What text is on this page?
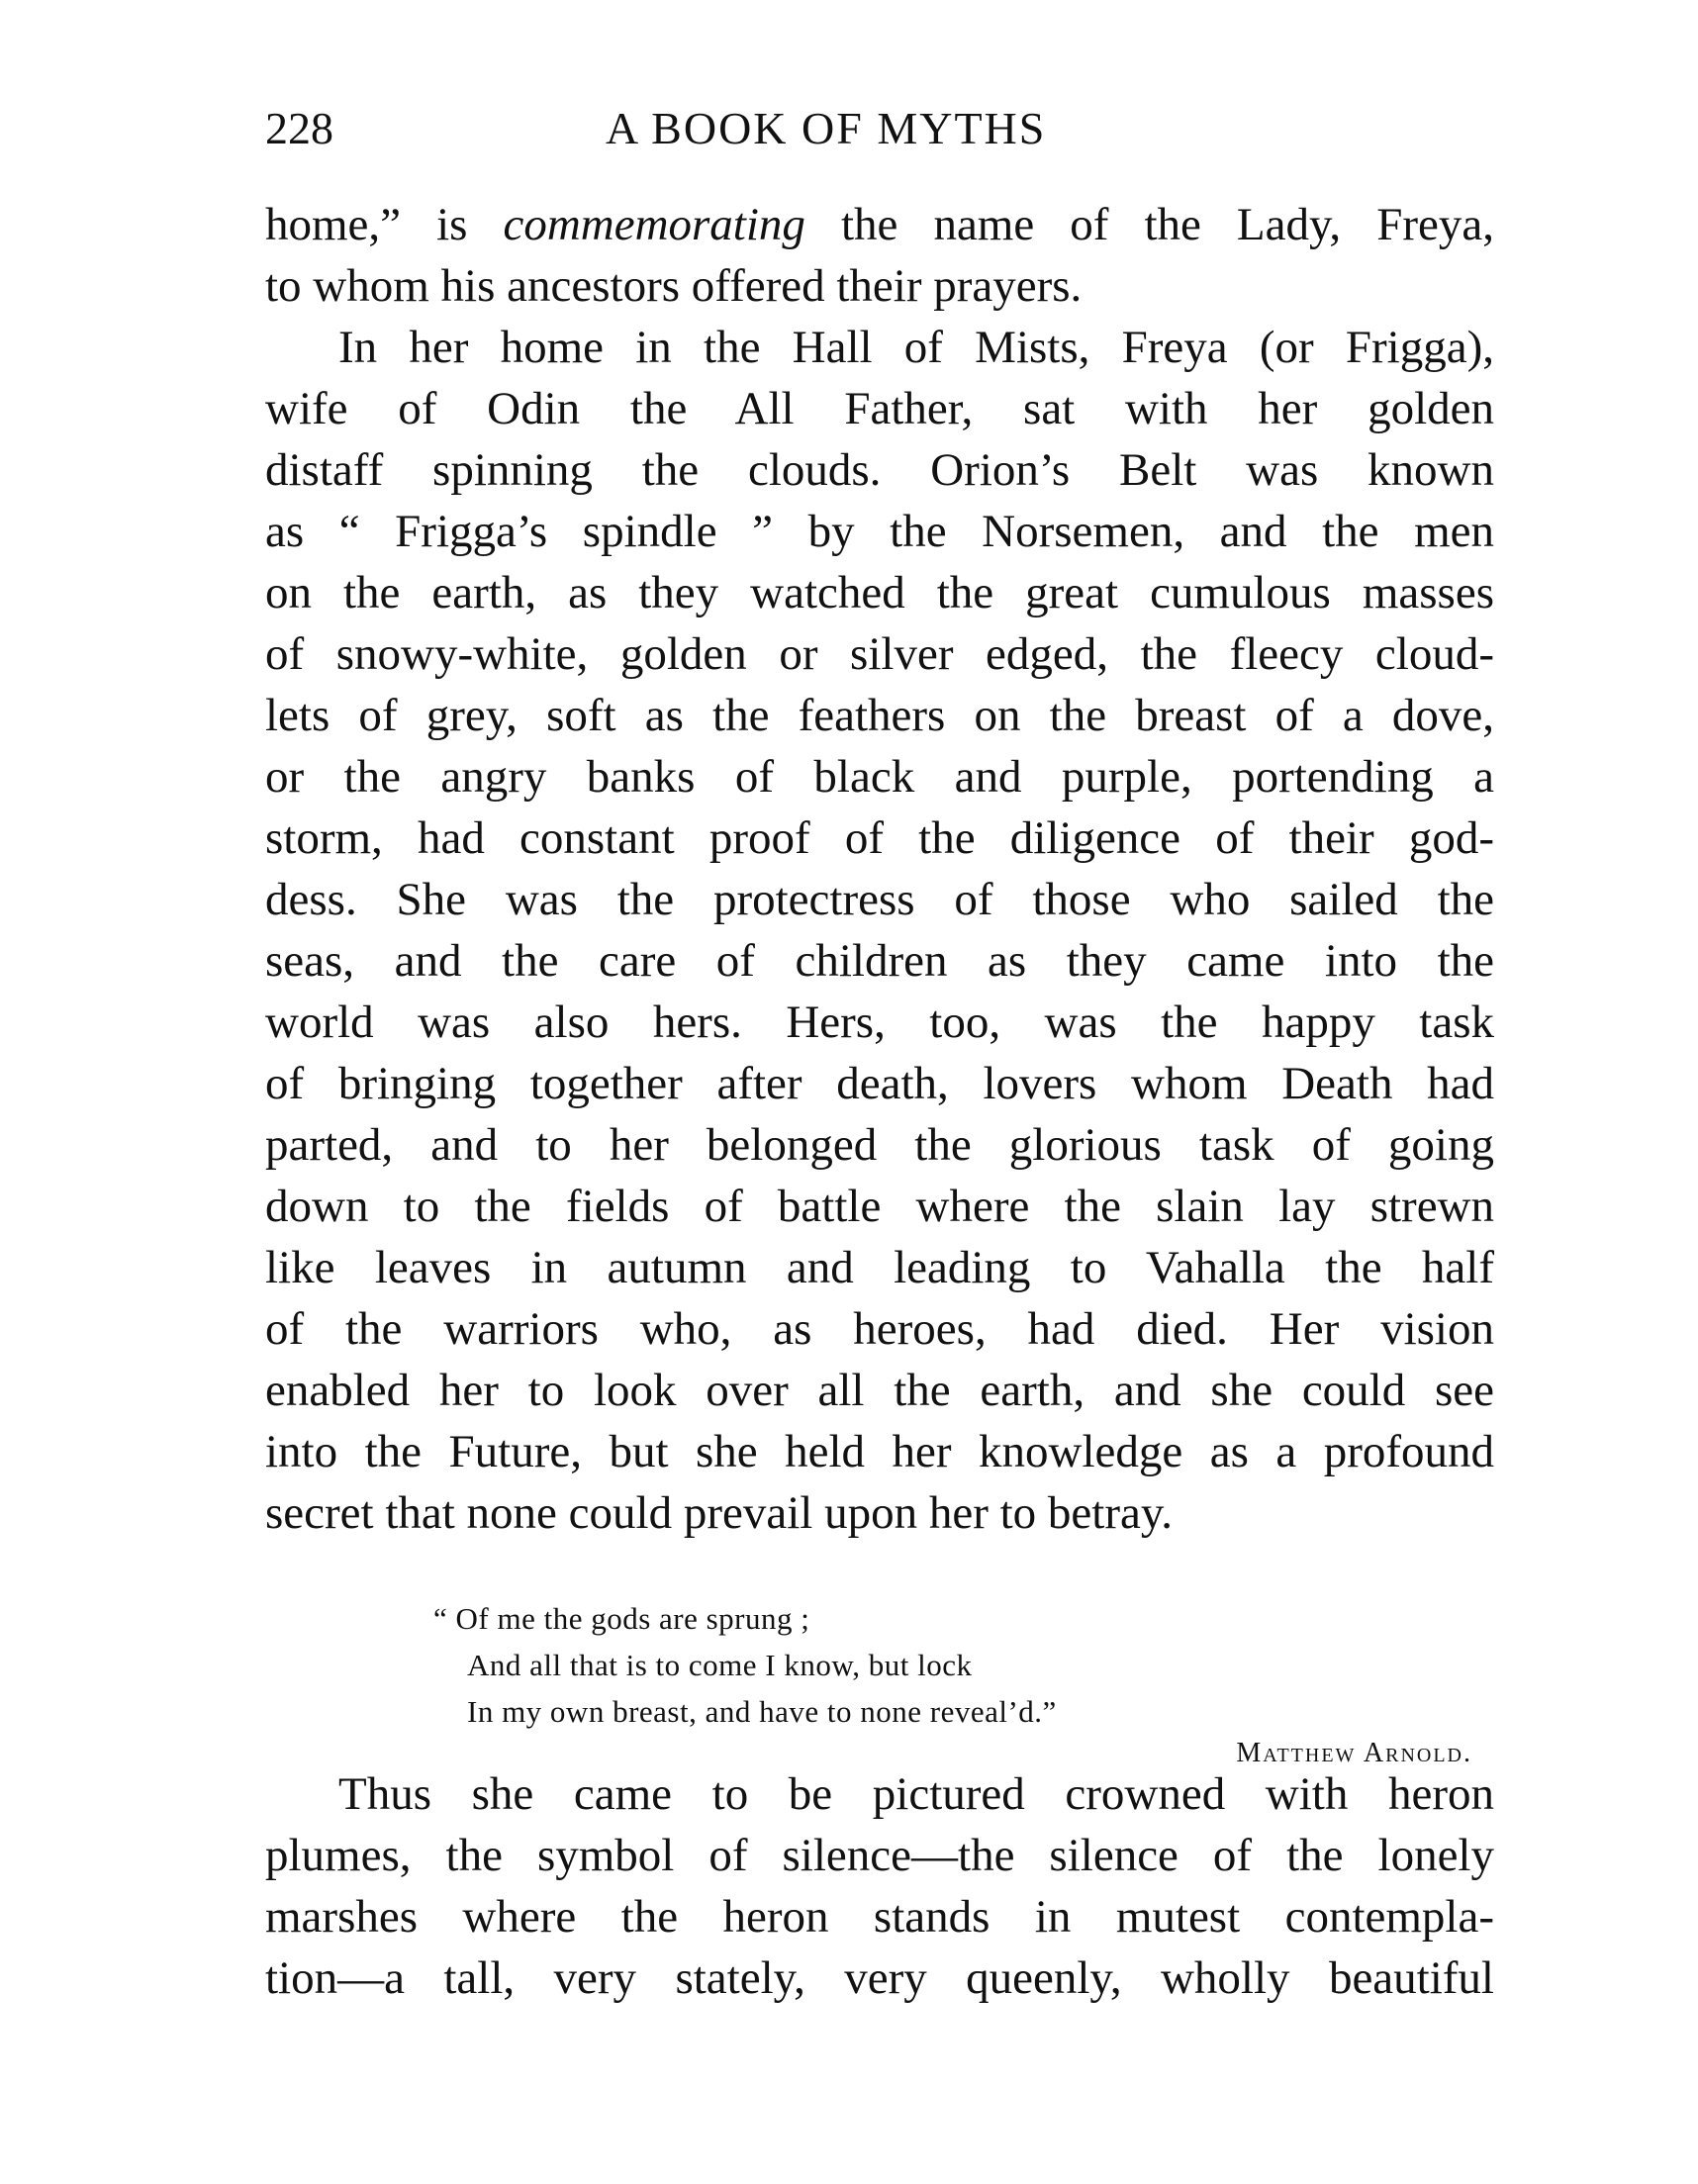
228	A BOOK OF MYTHS
home,” is commemorating the name of the Lady, Freya,
to whom his ancestors offered their prayers.
In her home in the Hall of Mists, Freya (or Frigga),
wife of Odin the All Father, sat with her golden
distaff spinning the clouds. Orion’s Belt was known
as “ Frigga’s spindle ” by the Norsemen, and the men
on the earth, as they watched the great cumulous masses
of snowy-white, golden or silver edged, the fleecy cloud-
lets of grey, soft as the feathers on the breast of a dove,
or the angry banks of black and purple, portending a
storm, had constant proof of the diligence of their god-
dess. She was the protectress of those who sailed the
seas, and the care of children as they came into the
world was also hers. Hers, too, was the happy task
of bringing together after death, lovers whom Death had
parted, and to her belonged the glorious task of going
down to the fields of battle where the slain lay strewn
like leaves in autumn and leading to Vahalla the half
of the warriors who, as heroes, had died. Her vision
enabled her to look over all the earth, and she could see
into the Future, but she held her knowledge as a profound
secret that none could prevail upon her to betray.
“ Of me the gods are sprung ;
And all that is to come I know, but lock
In my own breast, and have to none reveal’d.”
Matthew Arnold.
Thus she came to be pictured crowned with heron
plumes, the symbol of silence—the silence of the lonely
marshes where the heron stands in mutest contempla-
tion—a tall, very stately, very queenly, wholly beautiful
